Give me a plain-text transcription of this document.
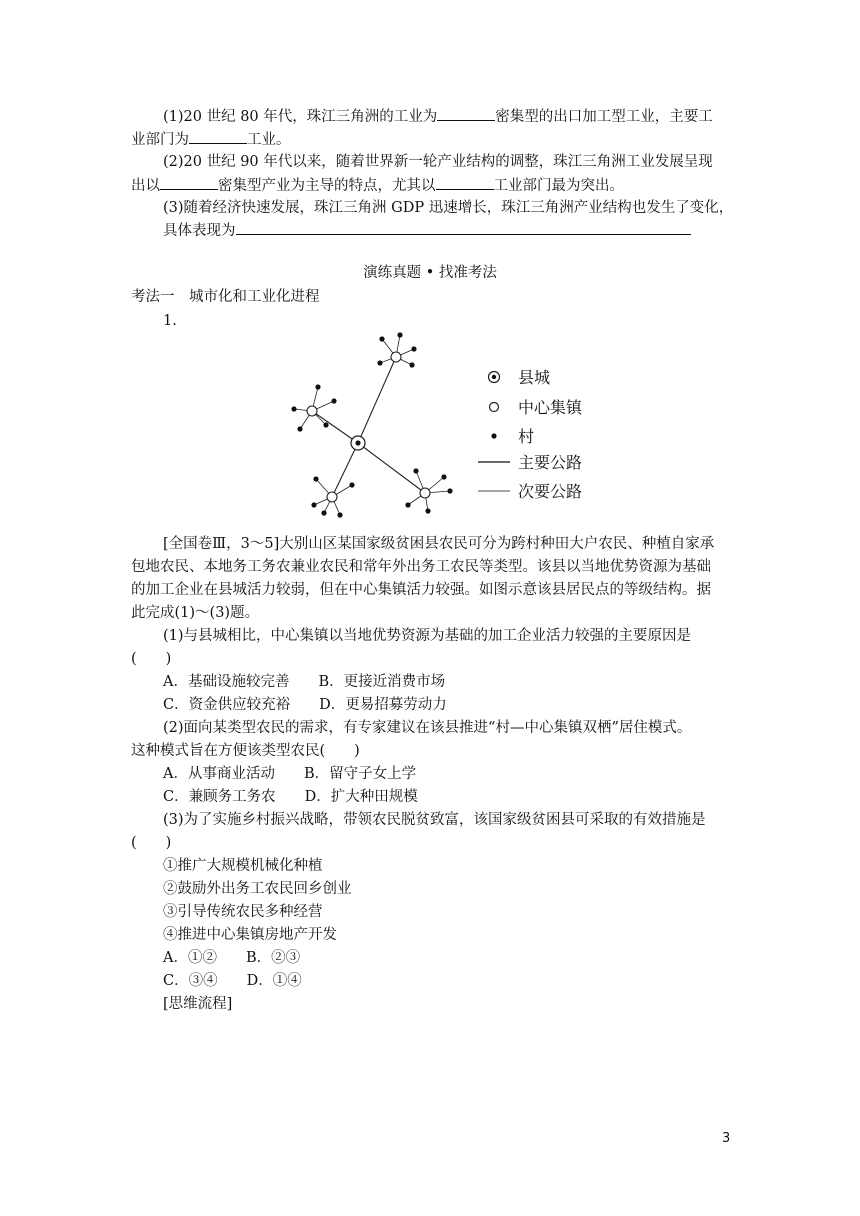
(1)20 世纪 80 年代，珠江三角洲的工业为	密集型的出口加工型工业，主要工
业部门为	工业。
(2)20 世纪 90 年代以来，随着世界新一轮产业结构的调整，珠江三角洲工业发展呈现
出以	密集型产业为主导的特点，尤其以	工业部门最为突出。
(3)随着经济快速发展，珠江三角洲 GDP 迅速增长，珠江三角洲产业结构也发生了变化，
具体表现为
演练真题 • 找准考法
考法一　城市化和工业化进程
1.
县城
中心集镇
村
主要公路
次要公路
[全国卷Ⅲ，3～5]大别山区某国家级贫困县农民可分为跨村种田大户农民、种植自家承
包地农民、本地务工务农兼业农民和常年外出务工农民等类型。该县以当地优势资源为基础
的加工企业在县城活力较弱，但在中心集镇活力较强。如图示意该县居民点的等级结构。据
此完成(1)～(3)题。
(1)与县城相比，中心集镇以当地优势资源为基础的加工企业活力较强的主要原因是
(　　)
A．基础设施较完善　　B．更接近消费市场
C．资金供应较充裕　　D．更易招募劳动力
(2)面向某类型农民的需求，有专家建议在该县推进“村—中心集镇双栖”居住模式。
这种模式旨在方便该类型农民(　　)
A．从事商业活动　　B．留守子女上学
C．兼顾务工务农　　D．扩大种田规模
(3)为了实施乡村振兴战略，带领农民脱贫致富，该国家级贫困县可采取的有效措施是
(　　)
①推广大规模机械化种植
②鼓励外出务工农民回乡创业
③引导传统农民多种经营
④推进中心集镇房地产开发
A．①②　　B．②③
C．③④　　D．①④
[思维流程]
3
